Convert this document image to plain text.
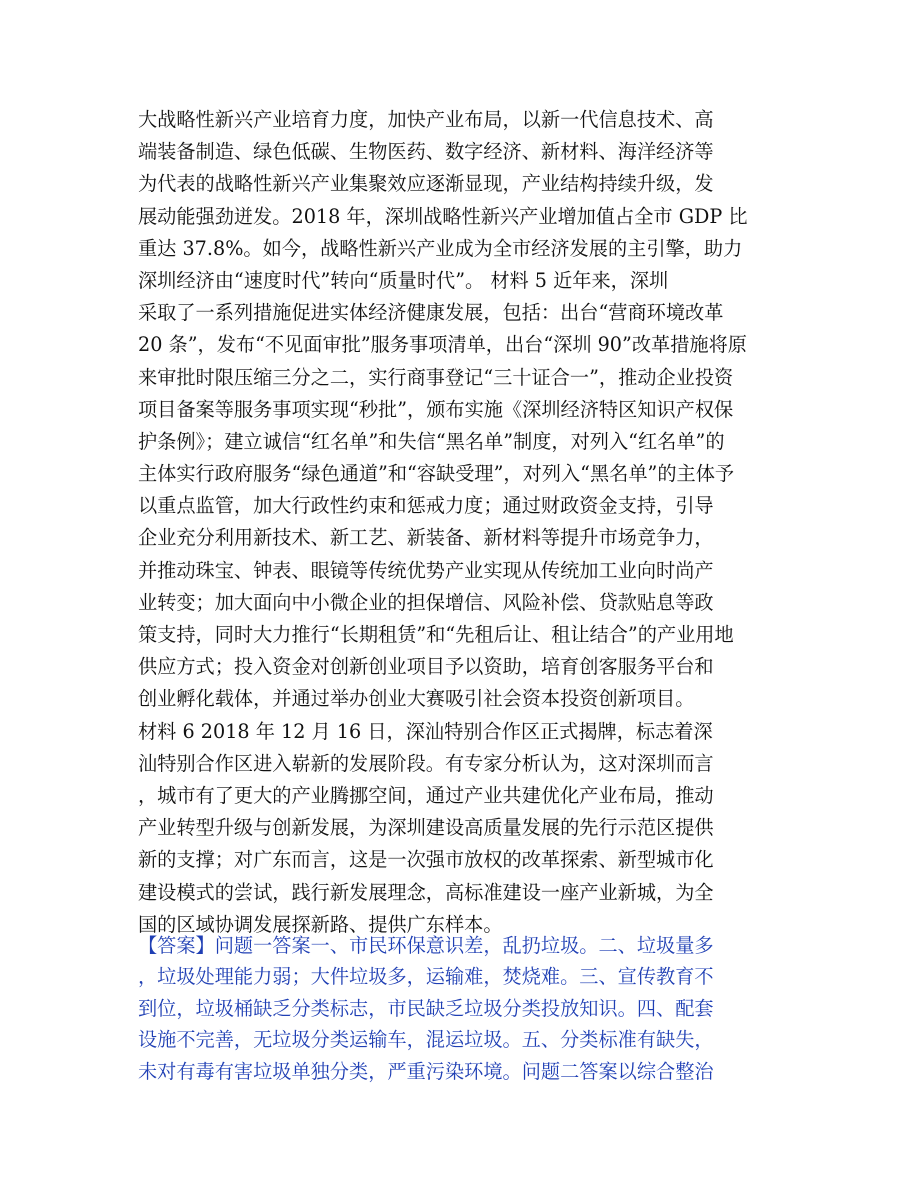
大战略性新兴产业培育力度，加快产业布局，以新一代信息技术、高
端装备制造、绿色低碳、生物医药、数字经济、新材料、海洋经济等
为代表的战略性新兴产业集聚效应逐渐显现，产业结构持续升级，发
展动能强劲迸发。2018 年，深圳战略性新兴产业增加值占全市 GDP 比
重达 37.8%。如今，战略性新兴产业成为全市经济发展的主引擎，助力
深圳经济由“速度时代”转向“质量时代”。 材料 5 近年来，深圳
采取了一系列措施促进实体经济健康发展，包括：出台“营商环境改革
20 条”，发布“不见面审批”服务事项清单，出台“深圳 90”改革措施将原
来审批时限压缩三分之二，实行商事登记“三十证合一”，推动企业投资
项目备案等服务事项实现“秒批”，颁布实施《深圳经济特区知识产权保
护条例》；建立诚信“红名单”和失信“黑名单”制度，对列入“红名单”的
主体实行政府服务“绿色通道”和“容缺受理”，对列入“黑名单”的主体予
以重点监管，加大行政性约束和惩戒力度；通过财政资金支持，引导
企业充分利用新技术、新工艺、新装备、新材料等提升市场竞争力，
并推动珠宝、钟表、眼镜等传统优势产业实现从传统加工业向时尚产
业转变；加大面向中小微企业的担保增信、风险补偿、贷款贴息等政
策支持，同时大力推行“长期租赁”和“先租后让、租让结合”的产业用地
供应方式；投入资金对创新创业项目予以资助，培育创客服务平台和
创业孵化载体，并通过举办创业大赛吸引社会资本投资创新项目。
材料 6 2018 年 12 月 16 日，深汕特别合作区正式揭牌，标志着深
汕特别合作区进入崭新的发展阶段。有专家分析认为，这对深圳而言
，城市有了更大的产业腾挪空间，通过产业共建优化产业布局，推动
产业转型升级与创新发展，为深圳建设高质量发展的先行示范区提供
新的支撑；对广东而言，这是一次强市放权的改革探索、新型城市化
建设模式的尝试，践行新发展理念，高标准建设一座产业新城，为全
国的区域协调发展探新路、提供广东样本。
【答案】问题一答案一、市民环保意识差，乱扔垃圾。二、垃圾量多
，垃圾处理能力弱；大件垃圾多，运输难，焚烧难。三、宣传教育不
到位，垃圾桶缺乏分类标志，市民缺乏垃圾分类投放知识。四、配套
设施不完善，无垃圾分类运输车，混运垃圾。五、分类标准有缺失，
未对有毒有害垃圾单独分类，严重污染环境。问题二答案以综合整治
